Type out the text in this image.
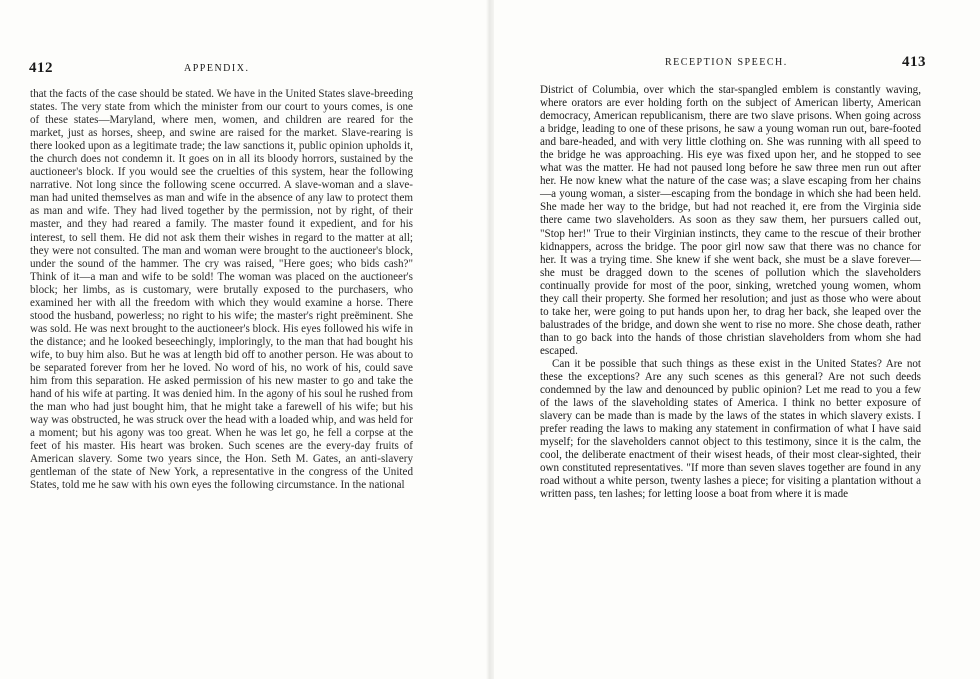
412	APPENDIX.

that the facts of the case should be stated. We have in the United States slave-breeding states. The very state from which the minister from our court to yours comes, is one of these states—Maryland, where men, women, and children are reared for the market, just as horses, sheep, and swine are raised for the market. Slave-rearing is there looked upon as a legitimate trade; the law sanctions it, public opinion upholds it, the church does not condemn it. It goes on in all its bloody horrors, sustained by the auctioneer's block. If you would see the cruelties of this system, hear the following narrative. Not long since the following scene occurred. A slave-woman and a slave-man had united themselves as man and wife in the absence of any law to protect them as man and wife. They had lived together by the permission, not by right, of their master, and they had reared a family. The master found it expedient, and for his interest, to sell them. He did not ask them their wishes in regard to the matter at all; they were not consulted. The man and woman were brought to the auctioneer's block, under the sound of the hammer. The cry was raised, "Here goes; who bids cash?" Think of it—a man and wife to be sold! The woman was placed on the auctioneer's block; her limbs, as is customary, were brutally exposed to the purchasers, who examined her with all the freedom with which they would examine a horse. There stood the husband, powerless; no right to his wife; the master's right preëminent. She was sold. He was next brought to the auctioneer's block. His eyes followed his wife in the distance; and he looked beseechingly, imploringly, to the man that had bought his wife, to buy him also. But he was at length bid off to another person. He was about to be separated forever from her he loved. No word of his, no work of his, could save him from this separation. He asked permission of his new master to go and take the hand of his wife at parting. It was denied him. In the agony of his soul he rushed from the man who had just bought him, that he might take a farewell of his wife; but his way was obstructed, he was struck over the head with a loaded whip, and was held for a moment; but his agony was too great. When he was let go, he fell a corpse at the feet of his master. His heart was broken. Such scenes are the every-day fruits of American slavery. Some two years since, the Hon. Seth M. Gates, an anti-slavery gentleman of the state of New York, a representative in the congress of the United States, told me he saw with his own eyes the following circumstance. In the national

RECEPTION SPEECH.	413

District of Columbia, over which the star-spangled emblem is constantly waving, where orators are ever holding forth on the subject of American liberty, American democracy, American republicanism, there are two slave prisons. When going across a bridge, leading to one of these prisons, he saw a young woman run out, bare-footed and bare-headed, and with very little clothing on. She was running with all speed to the bridge he was approaching. His eye was fixed upon her, and he stopped to see what was the matter. He had not paused long before he saw three men run out after her. He now knew what the nature of the case was; a slave escaping from her chains—a young woman, a sister—escaping from the bondage in which she had been held. She made her way to the bridge, but had not reached it, ere from the Virginia side there came two slaveholders. As soon as they saw them, her pursuers called out, "Stop her!" True to their Virginian instincts, they came to the rescue of their brother kidnappers, across the bridge. The poor girl now saw that there was no chance for her. It was a trying time. She knew if she went back, she must be a slave forever—she must be dragged down to the scenes of pollution which the slaveholders continually provide for most of the poor, sinking, wretched young women, whom they call their property. She formed her resolution; and just as those who were about to take her, were going to put hands upon her, to drag her back, she leaped over the balustrades of the bridge, and down she went to rise no more. She chose death, rather than to go back into the hands of those christian slaveholders from whom she had escaped.

Can it be possible that such things as these exist in the United States? Are not these the exceptions? Are any such scenes as this general? Are not such deeds condemned by the law and denounced by public opinion? Let me read to you a few of the laws of the slaveholding states of America. I think no better exposure of slavery can be made than is made by the laws of the states in which slavery exists. I prefer reading the laws to making any statement in confirmation of what I have said myself; for the slaveholders cannot object to this testimony, since it is the calm, the cool, the deliberate enactment of their wisest heads, of their most clear-sighted, their own constituted representatives. "If more than seven slaves together are found in any road without a white person, twenty lashes a piece; for visiting a plantation without a written pass, ten lashes; for letting loose a boat from where it is made
